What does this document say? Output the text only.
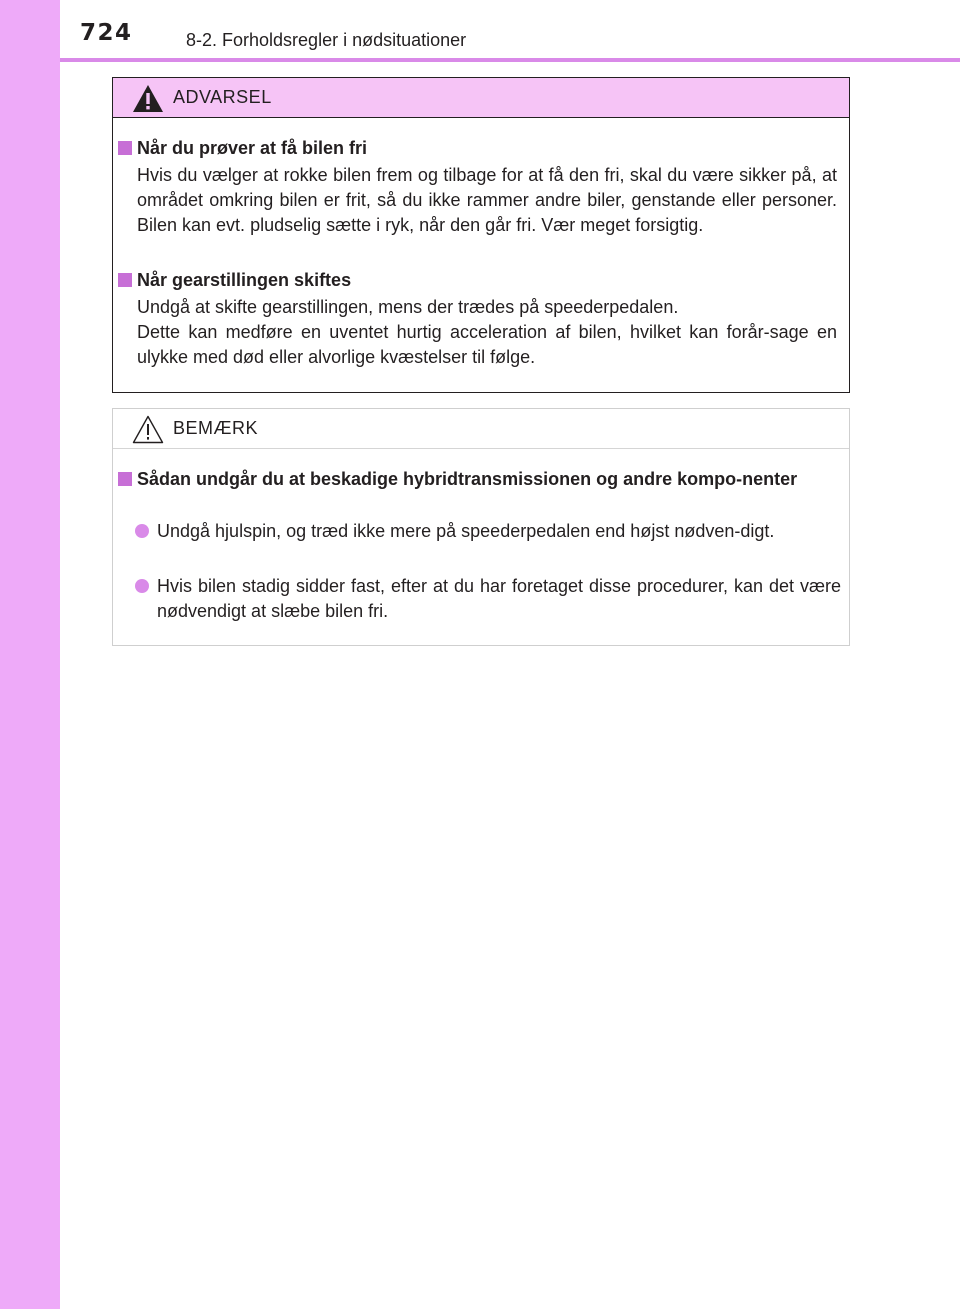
724	8-2. Forholdsregler i nødsituationer
ADVARSEL
Når du prøver at få bilen fri
Hvis du vælger at rokke bilen frem og tilbage for at få den fri, skal du være sikker på, at området omkring bilen er frit, så du ikke rammer andre biler, genstande eller personer. Bilen kan evt. pludselig sætte i ryk, når den går fri. Vær meget forsigtig.
Når gearstillingen skiftes
Undgå at skifte gearstillingen, mens der trædes på speederpedalen.
Dette kan medføre en uventet hurtig acceleration af bilen, hvilket kan forår-sage en ulykke med død eller alvorlige kvæstelser til følge.
BEMÆRK
Sådan undgår du at beskadige hybridtransmissionen og andre kompo-nenter
Undgå hjulspin, og træd ikke mere på speederpedalen end højst nødven-digt.
Hvis bilen stadig sidder fast, efter at du har foretaget disse procedurer, kan det være nødvendigt at slæbe bilen fri.
